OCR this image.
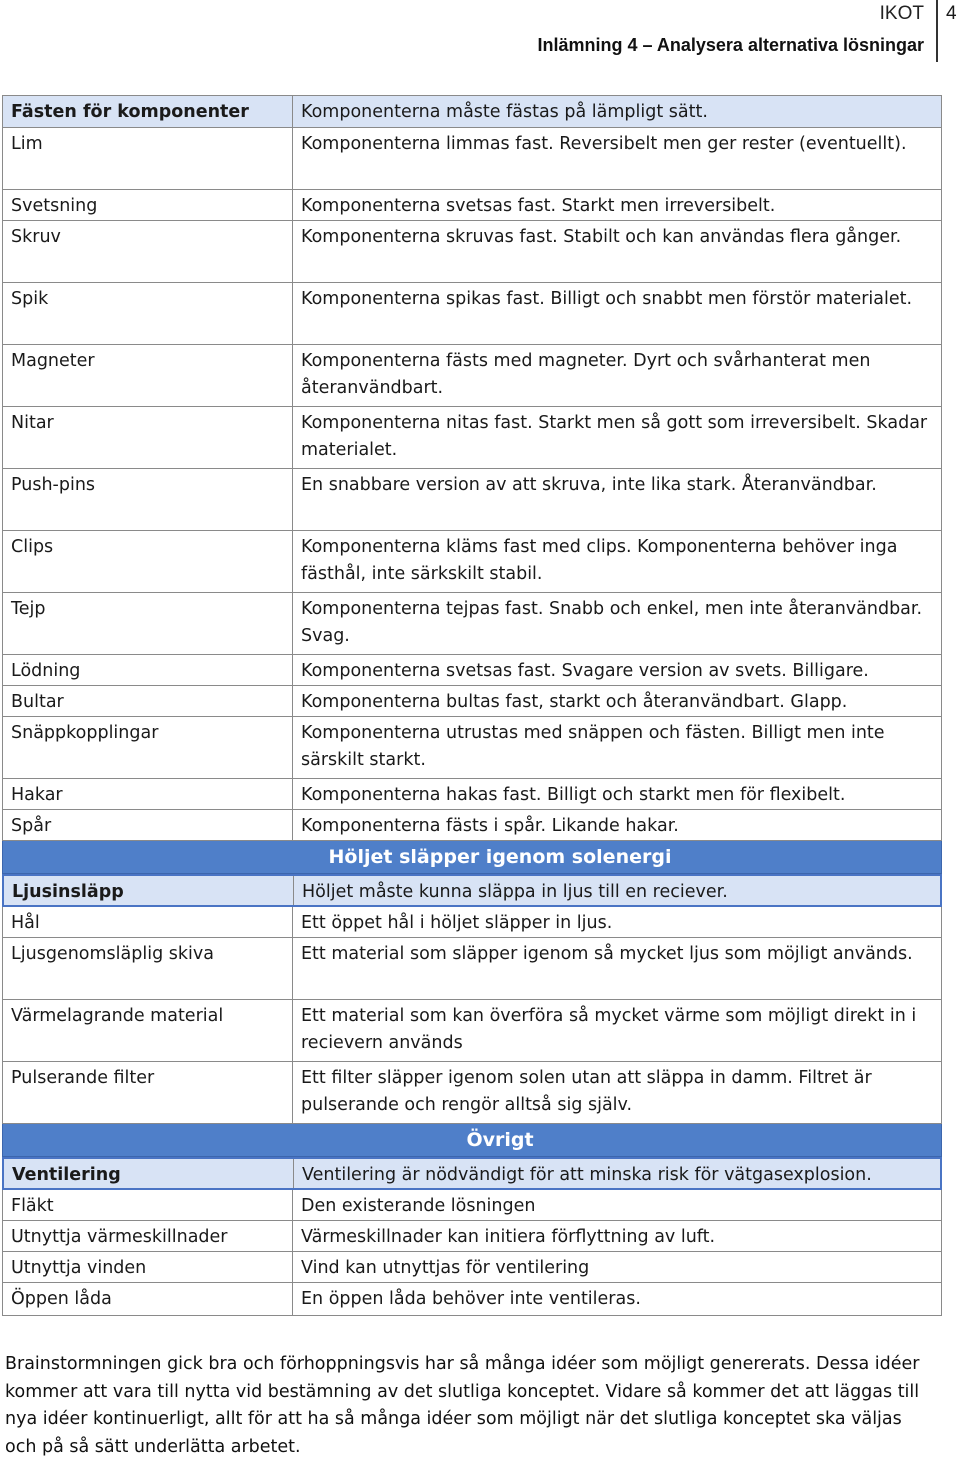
IKOT
Inlämning 4 – Analysera alternativa lösningar
4
Fästen för komponenter	Komponenterna måste fästas på lämpligt sätt.
Lim	Komponenterna limmas fast. Reversibelt men ger rester (eventuellt).
Svetsning	Komponenterna svetsas fast. Starkt men irreversibelt.
Skruv	Komponenterna skruvas fast. Stabilt och kan användas flera gånger.
Spik	Komponenterna spikas fast. Billigt och snabbt men förstör materialet.
Magneter	Komponenterna fästs med magneter. Dyrt och svårhanterat men återanvändbart.
Nitar	Komponenterna nitas fast. Starkt men så gott som irreversibelt. Skadar materialet.
Push-pins	En snabbare version av att skruva, inte lika stark. Återanvändbar.
Clips	Komponenterna kläms fast med clips. Komponenterna behöver inga fästhål, inte särkskilt stabil.
Tejp	Komponenterna tejpas fast. Snabb och enkel, men inte återanvändbar. Svag.
Lödning	Komponenterna svetsas fast. Svagare version av svets. Billigare.
Bultar	Komponenterna bultas fast, starkt och återanvändbart. Glapp.
Snäppkopplingar	Komponenterna utrustas med snäppen och fästen. Billigt men inte särskilt starkt.
Hakar	Komponenterna hakas fast. Billigt och starkt men för flexibelt.
Spår	Komponenterna fästs i spår. Likande hakar.
Höljet släpper igenom solenergi
Ljusinsläpp	Höljet måste kunna släppa in ljus till en reciever.
Hål	Ett öppet hål i höljet släpper in ljus.
Ljusgenomsläplig skiva	Ett material som släpper igenom så mycket ljus som möjligt används.
Värmelagrande material	Ett material som kan överföra så mycket värme som möjligt direkt in i recievern används
Pulserande filter	Ett filter släpper igenom solen utan att släppa in damm. Filtret är pulserande och rengör alltså sig själv.
Övrigt
Ventilering	Ventilering är nödvändigt för att minska risk för vätgasexplosion.
Fläkt	Den existerande lösningen
Utnyttja värmeskillnader	Värmeskillnader kan initiera förflyttning av luft.
Utnyttja vinden	Vind kan utnyttjas för ventilering
Öppen låda	En öppen låda behöver inte ventileras.
Brainstormningen gick bra och förhoppningsvis har så många idéer som möjligt genererats. Dessa idéer kommer att vara till nytta vid bestämning av det slutliga konceptet. Vidare så kommer det att läggas till nya idéer kontinuerligt, allt för att ha så många idéer som möjligt när det slutliga konceptet ska väljas och på så sätt underlätta arbetet.
